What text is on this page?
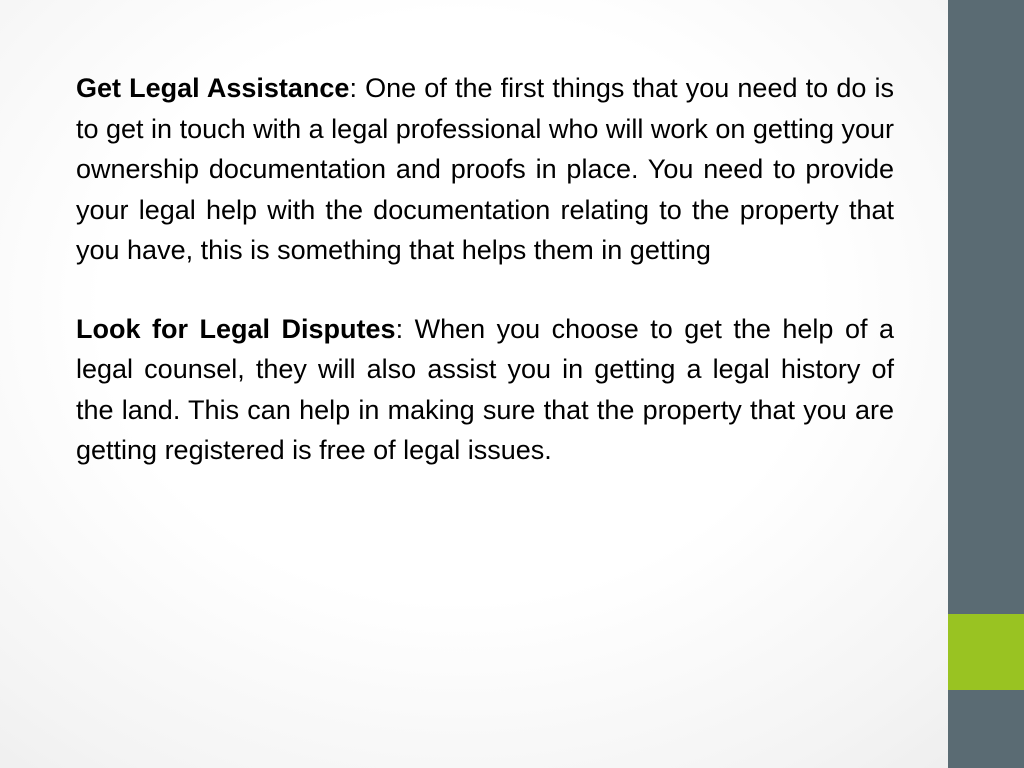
Get Legal Assistance: One of the first things that you need to do is to get in touch with a legal professional who will work on getting your ownership documentation and proofs in place. You need to provide your legal help with the documentation relating to the property that you have, this is something that helps them in getting

Look for Legal Disputes: When you choose to get the help of a legal counsel, they will also assist you in getting a legal history of the land. This can help in making sure that the property that you are getting registered is free of legal issues.
